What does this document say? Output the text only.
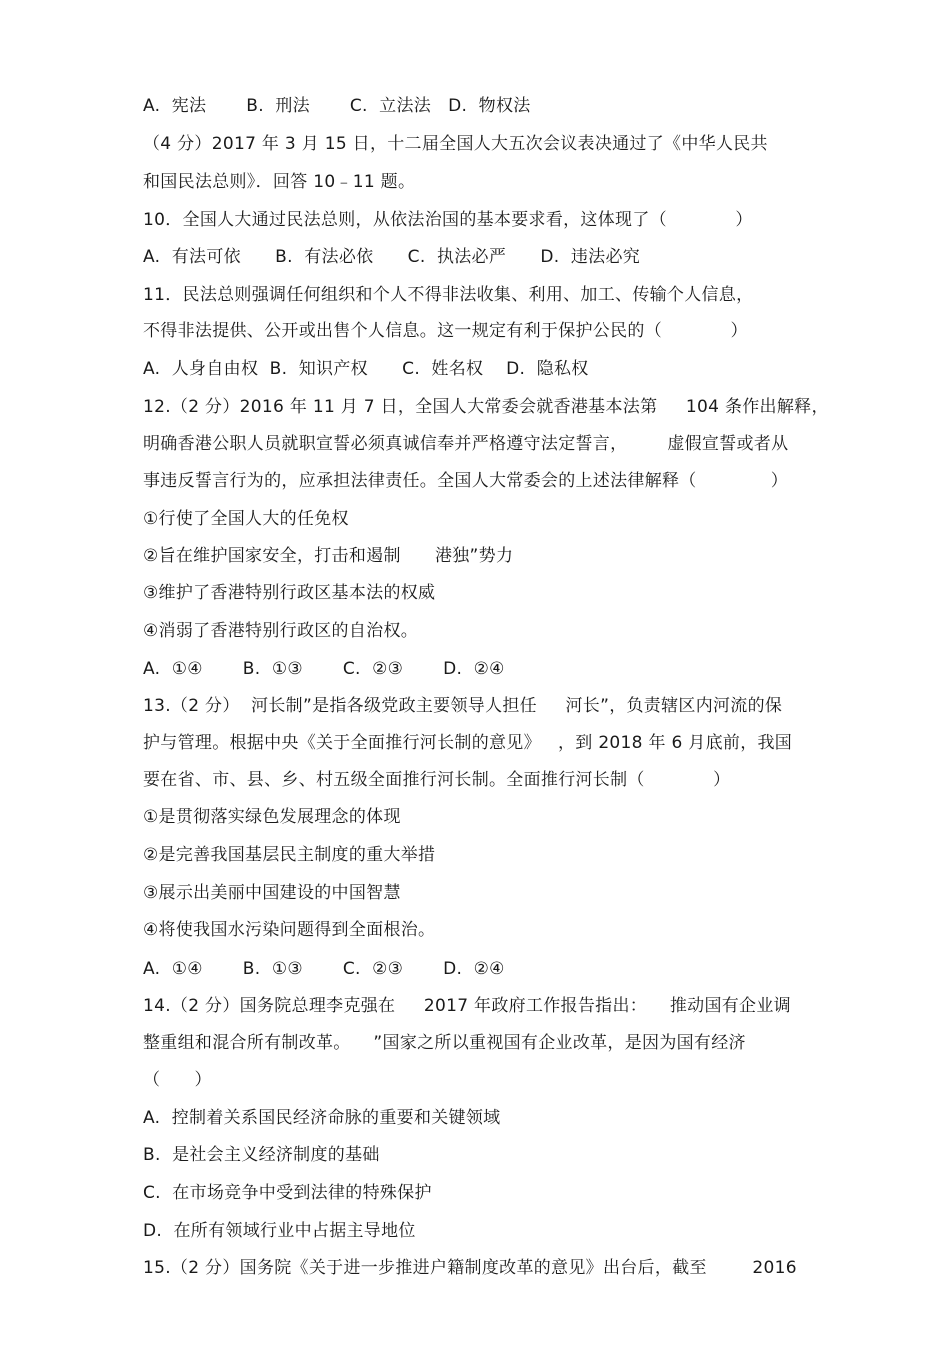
A.  宪法       B.  刑法       C.  立法法   D.  物权法
（4 分）2017 年 3 月 15 日，十二届全国人大五次会议表决通过了《中华人民共
和国民法总则》．回答 10﹣11 题。
10．全国人大通过民法总则，从依法治国的基本要求看，这体现了（            ）
A.  有法可依      B.  有法必依      C.  执法必严      D.  违法必究
11．民法总则强调任何组织和个人不得非法收集、利用、加工、传输个人信息，
不得非法提供、公开或出售个人信息。这一规定有利于保护公民的（            ）
A.  人身自由权  B.  知识产权      C.  姓名权    D.  隐私权
12.（2 分）2016 年 11 月 7 日，全国人大常委会就香港基本法第     104 条作出解释，
明确香港公职人员就职宣誓必须真诚信奉并严格遵守法定誓言，       虚假宣誓或者从
事违反誓言行为的，应承担法律责任。全国人大常委会的上述法律解释（             ）
①行使了全国人大的任免权
②旨在维护国家安全，打击和遏制      港独”势力
③维护了香港特别行政区基本法的权威
④消弱了香港特别行政区的自治权。
A.  ①④       B.  ①③       C.  ②③       D.  ②④
13.（2 分）  河长制”是指各级党政主要领导人担任     河长”，负责辖区内河流的保
护与管理。根据中央《关于全面推行河长制的意见》   ，到 2018 年 6 月底前，我国
要在省、市、县、乡、村五级全面推行河长制。全面推行河长制（            ）
①是贯彻落实绿色发展理念的体现
②是完善我国基层民主制度的重大举措
③展示出美丽中国建设的中国智慧
④将使我国水污染问题得到全面根治。
A.  ①④       B.  ①③       C.  ②③       D.  ②④
14.（2 分）国务院总理李克强在     2017 年政府工作报告指出：    推动国有企业调
整重组和混合所有制改革。    ”国家之所以重视国有企业改革，是因为国有经济
（      ）
A.  控制着关系国民经济命脉的重要和关键领域
B.  是社会主义经济制度的基础
C.  在市场竞争中受到法律的特殊保护
D.  在所有领域行业中占据主导地位
15.（2 分）国务院《关于进一步推进户籍制度改革的意见》出台后，截至        2016
